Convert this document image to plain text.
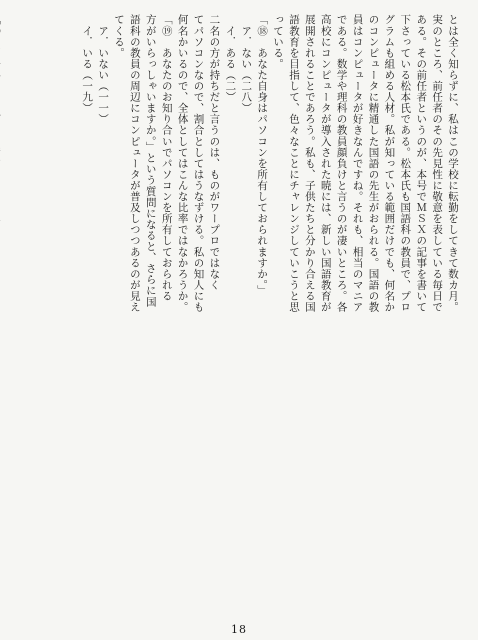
とは全く知らずに、私はこの学校に転勤をしてきて数カ月。
実のところ、前任者のその先見性に敬意を表している毎日で
ある。その前任者というのが、本号でＭＳＸの記事を書いて
下さっている松本氏である。松本氏も国語科の教員で、プロ
グラムも組める人材。私が知っている範囲だけでも、何名か
のコンピュータに精通した国語の先生がおられる。国語の教
員はコンピュータが好きなんですね。それも、相当のマニア
である。数学や理科の教員顔負けと言うのが凄いところ。各
高校にコンピュータが導入された暁には、新しい国語教育が
展開されることであろう。私も、子供たちと分かり合える国
語教育を目指して、色々なことにチャレンジしていこうと思
っている。
「⑱　あなた自身はパソコンを所有しておられますか。」
　ア．ない（二八）
　イ．ある（二）
二名の方が持ちだと言うのは、ものがワープロではなく
てパソコンなので、割合としてはうなずける。私の知人にも
何名かいるので、全体としてはこんな比率ではなかろうか。
「⑲　あなたのお知り合いでパソコンを所有しておられる
方がいらっしゃいますか。」という質問になると、さらに国
語科の教員の周辺にコンピュータが普及しつつあるのが見え
てくる。
　ア．いない（一一）
　イ．いる（一九）
18
